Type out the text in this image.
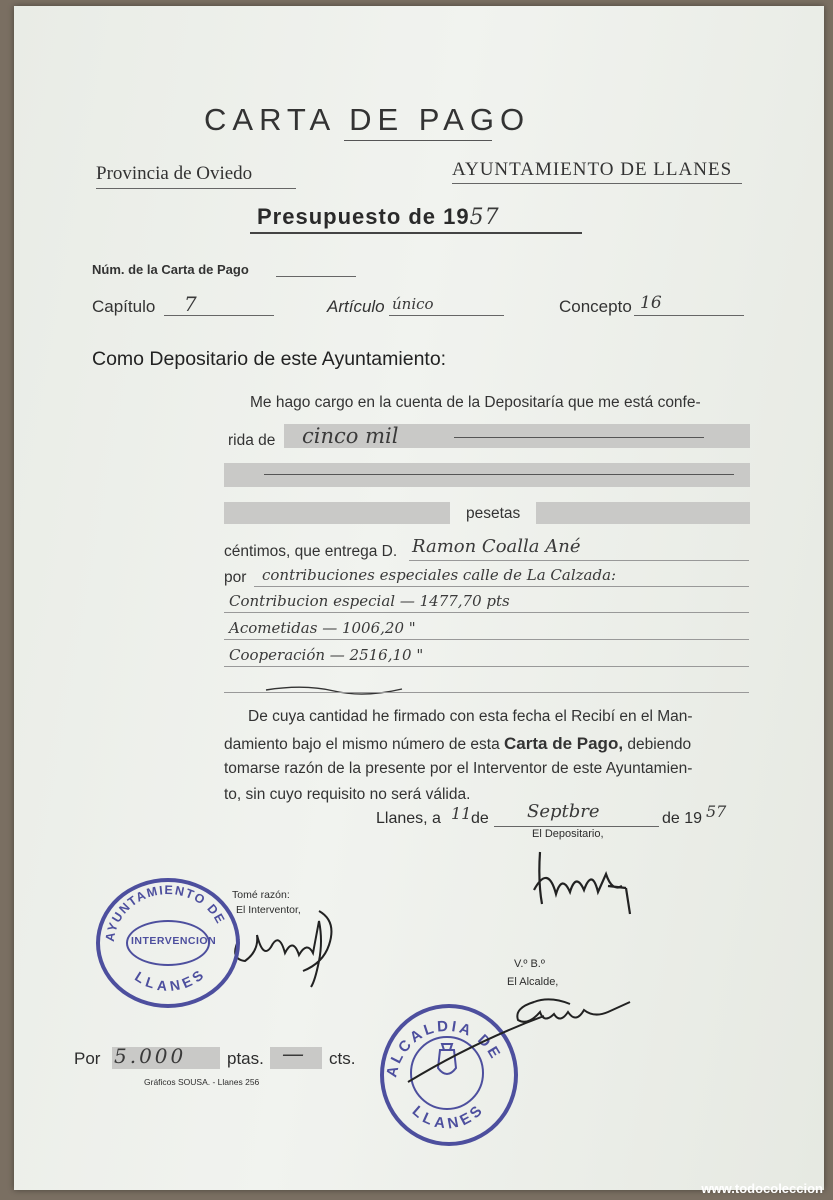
CARTA DE PAGO
Provincia de Oviedo	AYUNTAMIENTO DE LLANES
Presupuesto de 1957
Núm. de la Carta de Pago
Capítulo 7	Artículo único	Concepto 16
Como Depositario de este Ayuntamiento:
Me hago cargo en la cuenta de la Depositaría que me está confe-
rida de cinco mil
pesetas
céntimos, que entrega D. Ramon Coalla Ané
por contribuciones especiales calle de La Calzada:
Contribucion especial — 1477,70 pts
Acometidas — 1006,20 "
Cooperación — 2516,10 "
De cuya cantidad he firmado con esta fecha el Recibí en el Man-
damiento bajo el mismo número de esta Carta de Pago, debiendo
tomarse razón de la presente por el Interventor de este Ayuntamien-
to, sin cuyo requisito no será válida.
Llanes, a 11 de Septbre	de 19 57
El Depositario,
Tomé razón:
El Interventor,
AYUNTAMIENTO DE
LLANES
INTERVENCION
ALCALDIA DE
LLANES
V.º B.º
El Alcalde,
Por 5.000 ptas. — cts.
Gráficos SOUSA. - Llanes 256
www.todocoleccion
